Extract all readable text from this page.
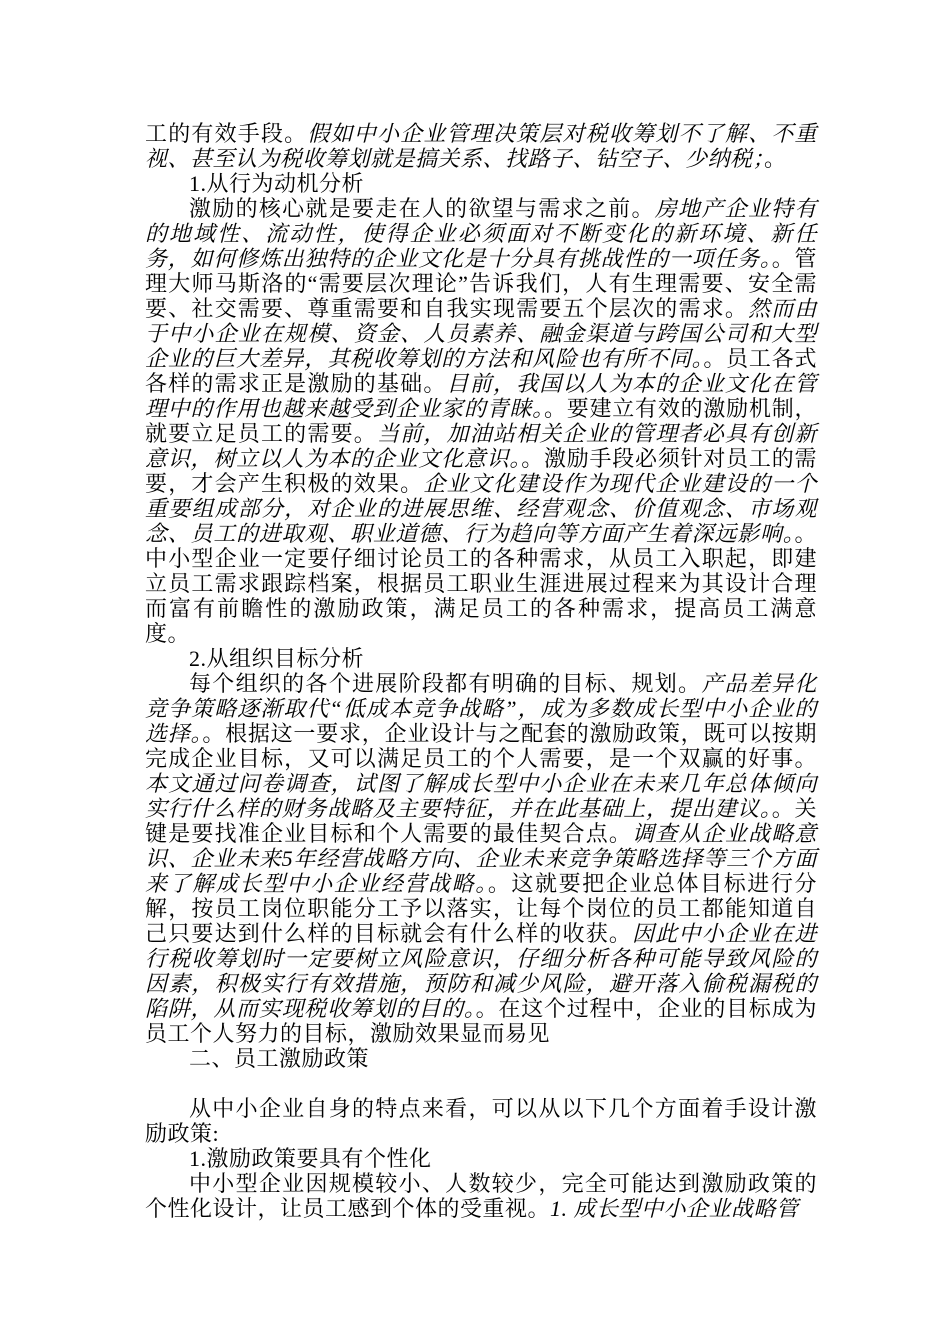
工的有效手段。假如中小企业管理决策层对税收筹划不了解、不重视、甚至认为税收筹划就是搞关系、找路子、钻空子、少纳税；。

1.从行为动机分析

激励的核心就是要走在人的欲望与需求之前。房地产企业特有的地域性、流动性，使得企业必须面对不断变化的新环境、新任务，如何修炼出独特的企业文化是十分具有挑战性的一项任务。。管理大师马斯洛的“需要层次理论”告诉我们，人有生理需要、安全需要、社交需要、尊重需要和自我实现需要五个层次的需求。然而由于中小企业在规模、资金、人员素养、融金渠道与跨国公司和大型企业的巨大差异，其税收筹划的方法和风险也有所不同。。员工各式各样的需求正是激励的基础。目前，我国以人为本的企业文化在管理中的作用也越来越受到企业家的青睐。。要建立有效的激励机制，就要立足员工的需要。当前，加油站相关企业的管理者必具有创新意识，树立以人为本的企业文化意识。。激励手段必须针对员工的需要，才会产生积极的效果。企业文化建设作为现代企业建设的一个重要组成部分，对企业的进展思维、经营观念、价值观念、市场观念、员工的进取观、职业道德、行为趋向等方面产生着深远影响。。中小型企业一定要仔细讨论员工的各种需求，从员工入职起，即建立员工需求跟踪档案，根据员工职业生涯进展过程来为其设计合理而富有前瞻性的激励政策，满足员工的各种需求，提高员工满意度。

2.从组织目标分析

每个组织的各个进展阶段都有明确的目标、规划。产品差异化竞争策略逐渐取代“低成本竞争战略”，成为多数成长型中小企业的选择。。根据这一要求，企业设计与之配套的激励政策，既可以按期完成企业目标，又可以满足员工的个人需要，是一个双赢的好事。本文通过问卷调查，试图了解成长型中小企业在未来几年总体倾向实行什么样的财务战略及主要特征，并在此基础上，提出建议。。关键是要找准企业目标和个人需要的最佳契合点。调查从企业战略意识、企业未来5年经营战略方向、企业未来竞争策略选择等三个方面来了解成长型中小企业经营战略。。这就要把企业总体目标进行分解，按员工岗位职能分工予以落实，让每个岗位的员工都能知道自己只要达到什么样的目标就会有什么样的收获。因此中小企业在进行税收筹划时一定要树立风险意识，仔细分析各种可能导致风险的因素，积极实行有效措施，预防和减少风险，避开落入偷税漏税的陷阱，从而实现税收筹划的目的。。在这个过程中，企业的目标成为员工个人努力的目标，激励效果显而易见

二、员工激励政策

从中小企业自身的特点来看，可以从以下几个方面着手设计激励政策:

1.激励政策要具有个性化

中小型企业因规模较小、人数较少，完全可能达到激励政策的个性化设计，让员工感到个体的受重视。1. 成长型中小企业战略管
